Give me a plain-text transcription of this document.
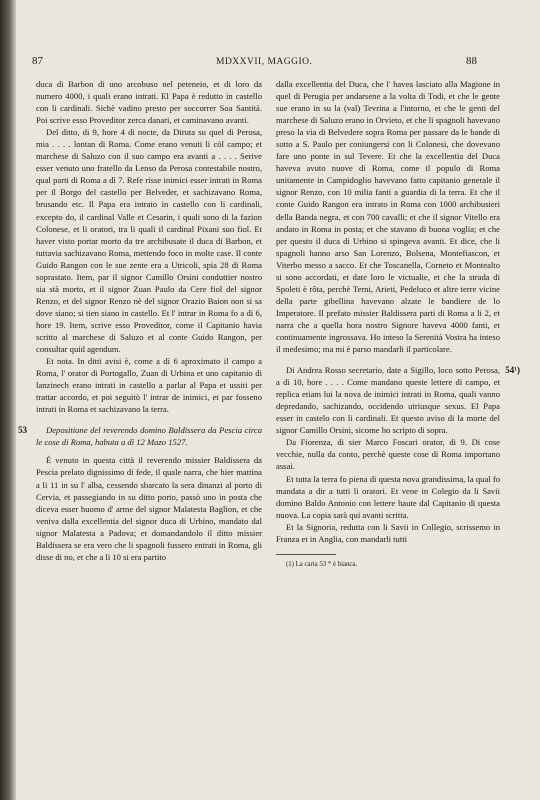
87	MDXXVII, MAGGIO.	88

duca di Barbon di uno arcobuso nel peteneio, et di loro da numero 4000, i quali erano intrati. El Papa è redutto in castello con li cardinali. Sichè vadino presto per soccorrer Soa Santità. Poi scrive esso Proveditor zerca danari, et caminavano avanti.

Del ditto, di 9, hore 4 di nocte, da Diruta su quel di Perosa, mia . . . . lontan di Roma. Come erano venuti li còl campo; et marchese di Saluzo con il suo campo era avanti a . . . . Serive esser venuto uno fratello da Lenso da Perosa contestabile nostro, qual parti di Roma a dì 7. Refe risse inimici esser intrati in Roma per il Borgo del castello per Belveder, et sachizavano Roma, brusando etc. Il Papa era intrato in castello con li cardinali, excepto do, il cardinal Valle et Cesarin, i quali sono di la fazion Colonese, et li oratori, tra li quali il cardinal Pixani suo fiol. Et haver visto portar morto da tre archibusate il duca di Barbon, et tuttavia sachizavano Roma, mettendo foco in molte case. Il conte Guido Rangon con le sue zente era a Utricoli, spia 28 di Roma soprastato. Item, par il signor Camillo Orsini conduttier nostro sia stà morto, et il signor Zuan Paulo da Cere fiol del signor Renzo, et del signor Renzo nè del signor Orazio Baion non si sa dove siano; si tien siano in castello. Et l' intrar in Roma fo a dì 6, hore 19. Item, scrive esso Proveditor, come il Capitanio havia scritto al marchese di Saluzo et al conte Guido Rangon, per consultar quid agendum.

Et nota. In ditti avisi è, come a dì 6 aproximato il campo a Roma, l' orator di Portogallo, Zuan di Urbina et uno capitanio di lanzinech erano intrati in castello a parlar al Papa et ussiti per trattar accordo, et poi seguitò l' intrar de inimici, et par fosseno intrati in Roma et sachizavano la terra.

53	Depositione del reverendo domino Baldissera da Pescia circa le cose di Roma, habuta a dì 12 Mazo 1527.

È venuto in questa città il reverendo missier Baldissera da Pescia prelato dignissimo di fede, il quale narra, che hier mattina a li 11 in su l' alba, cessendo sbarcato la sera dinanzi al porto di Cervia, et passegiando in su ditto porto, passò uno in posta che diceva esser huomo d' arme del signor Malatesta Baglion, et che veniva dalla excellentia del signor duca di Urbino, mandato dal signor Malatesta a Padova; et domandandolo il ditto missier Baldissera se era vero che li spagnoli fussero entrati in Roma, gli disse di no, et che a li 10 si era partito

dalla excellentia del Duca, che l' havea lasciato alla Magione in quel di Perugia per andarsene a la volta di Todi, et che le gente sue erano in su la (val) Tevrina a l'intorno, et che le genti del marchese di Saluzo erano in Orvieto, et che li spagnoli havevano preso la via di Belvedere sopra Roma per passare da le bande di sotto a S. Paulo per coniungersi con li Colonesi, che dovevano fare uno ponte in sul Tevere. Et che la excellentia del Duca haveva avuto nuove di Roma, come il populo di Roma unitamente in Campidoglio havevano fatto capitanio generale il signor Renzo, con 10 milia fanti a guardia di la terra. Et che il conte Guido Rangon era intrato in Roma con 1000 archibusieri della Banda negra, et con 700 cavalli; et che il signor Vitello era andato in Roma in posta; et che stavano di buona voglia; et che per questo il duca di Urbino si spingeva avanti. Et dice, che li spagnoli hanno arso San Lorenzo, Bolsena, Montefiascon, et Viterbo messo a sacco. Et che Toscanella, Corneto et Montealto si sono accordati, et date loro le victualie, et che la strada di Spoleti è rôta, perchè Terni, Arieti, Pedeluco et altre terre vicine della parte gibellina havevano alzate le bandiere de lo Imperatore. Il prefato missier Baldissera parti di Roma a li 2, et narra che a quella hora nostro Signore haveva 4000 fanti, et continuamente ingrossava. Ho inteso la Serenità Vostra ha inteso il medesimo; ma mi è parso mandarli il particolare.

54¹)

Di Andrea Rosso secretario, date a Sigillo, loco sotto Perosa, a dì 10, hore . . . . Come mandano queste lettere di campo, et replica etiam lui la nova de inimici intrati in Roma, quali vanno depredando, sachizando, occidendo utriusque sexus. El Papa esser in castelo con li cardinali. Et questo aviso di la morte del signor Camillo Orsini, sicome ho scripto di sopra.

Da Fiorenza, di sier Marco Foscari orator, di 9. Di cose vecchie, nulla da conto, perchè queste cose di Roma importano assai.

Et tutta la terra fo piena di questa nova grandissima, la qual fo mandata a dir a tutti li oratori. Et vene in Colegio da li Savii domino Baldo Antonio con lettere haute dal Capitanio di questa nuova. La copia sarà qui avanti scritta.

Et la Signoria, redutta con li Savii in Collegio, scrissemo in Franza et in Anglia, con mandarli tutti

(1) La carta 53 * è bianca.
